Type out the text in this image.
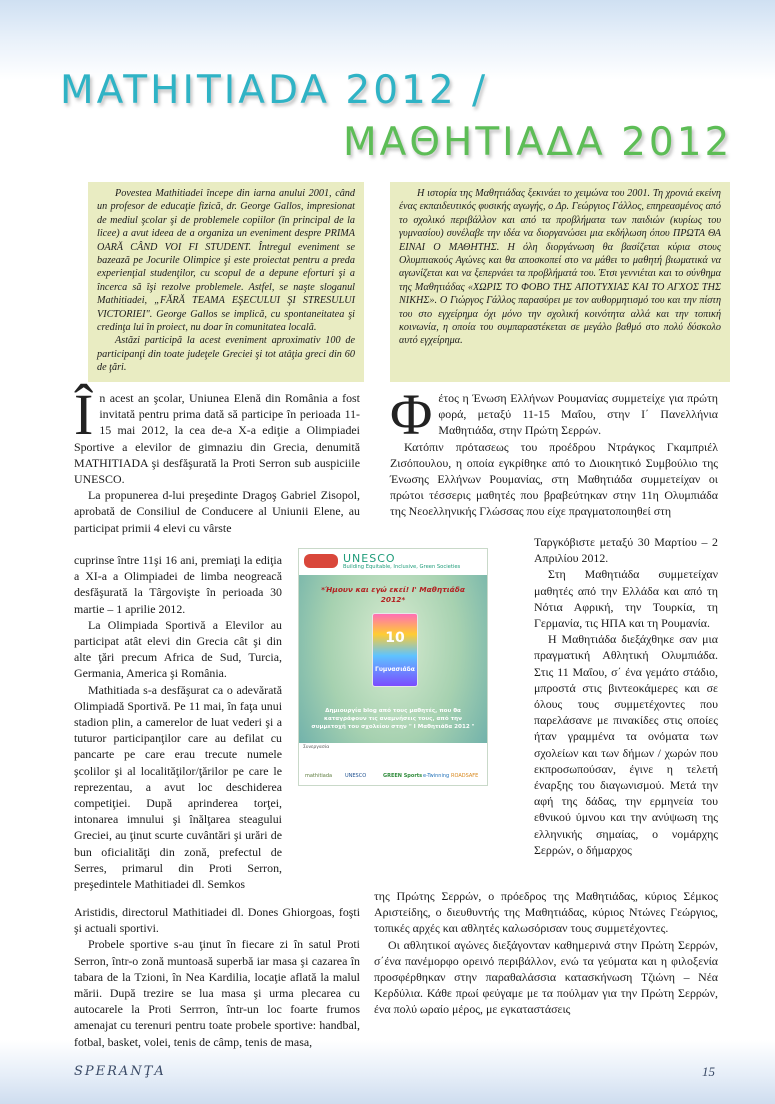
MATHITIADA 2012 /
ΜΑΘΗΤΙΑΔΑ 2012

Povestea Mathitiadei începe din iarna anului 2001, când un profesor de educaţie fizică, dr. George Gallos, impresionat de mediul şcolar şi de problemele copiilor (în principal de la licee) a avut ideea de a organiza un eveniment despre PRIMA OARĂ CÂND VOI FI STUDENT. Întregul eveniment se bazează pe Jocurile Olimpice şi este proiectat pentru a preda experienţial studenţilor, cu scopul de a depune eforturi şi a încerca să îşi rezolve problemele. Astfel, se naşte sloganul Mathitiadei, „FĂRĂ TEAMA EŞECULUI ŞI STRESULUI VICTORIEI". George Gallos se implică, cu spontaneitatea şi credinţa lui în proiect, nu doar în comunitatea locală.

Astăzi participă la acest eveniment aproximativ 100 de participanţi din toate judeţele Greciei şi tot atâţia greci din 60 de ţări.

Η ιστορία της Μαθητιάδας ξεκινάει το χειμώνα του 2001. Τη χρονιά εκείνη ένας εκπαιδευτικός φυσικής αγωγής, ο Δρ. Γεώργιος Γάλλος, επηρεασμένος από το σχολικό περιβάλλον και από τα προβλήματα των παιδιών (κυρίως του γυμνασίου) συνέλαβε την ιδέα να διοργανώσει μια εκδήλωση όπου ΠΡΩΤΑ ΘΑ ΕΙΝΑΙ Ο ΜΑΘΗΤΗΣ. Η όλη διοργάνωση θα βασίζεται κύρια στους Ολυμπιακούς Αγώνες και θα αποσκοπεί στο να μάθει το μαθητή βιωματικά να αγωνίζεται και να ξεπερνάει τα προβλήματά του. Έτσι γεννιέται και το σύνθημα της Μαθητιάδας «ΧΩΡΙΣ ΤΟ ΦΟΒΟ ΤΗΣ ΑΠΟΤΥΧΙΑΣ ΚΑΙ ΤΟ ΑΓΧΟΣ ΤΗΣ ΝΙΚΗΣ». Ο Γιώργος Γάλλος παρασύρει με τον αυθορμητισμό του και την πίστη του στο εγχείρημα όχι μόνο την σχολική κοινότητα αλλά και την τοπική κοινωνία, η οποία του συμπαραστέκεται σε μεγάλο βαθμό στο πολύ δύσκολο αυτό εγχείρημα.

În acest an şcolar, Uniunea Elenă din România a fost invitată pentru prima dată să participe în perioada 11-15 mai 2012, la cea de-a X-a ediţie a Olimpiadei Sportive a elevilor de gimnaziu din Grecia, denumită MATHITIADA şi desfăşurată la Proti Serron sub auspiciile UNESCO.

La propunerea d-lui preşedinte Dragoş Gabriel Zisopol, aprobată de Consiliul de Conducere al Uniunii Elene, au participat primii 4 elevi cu vârste

cuprinse între 11şi 16 ani, premiaţi la ediţia a XI-a a Olimpiadei de limba neogreacă desfăşurată la Târgovişte în perioada 30 martie – 1 aprilie 2012.

La Olimpiada Sportivă a Elevilor au participat atât elevi din Grecia cât şi din alte ţări precum Africa de Sud, Turcia, Germania, America şi România.

Mathitiada s-a desfăşurat ca o adevărată Olimpiadă Sportivă. Pe 11 mai, în faţa unui stadion plin, a camerelor de luat vederi şi a tuturor participanţilor care au defilat cu pancarte pe care erau trecute numele şcolilor şi al localităţilor/ţărilor pe care le reprezentau, a avut loc deschiderea competiţiei. După aprinderea torţei, intonarea imnului şi înălţarea steagului Greciei, au ţinut scurte cuvântări şi urări de bun oficialităţi din zonă, prefectul de Serres, primarul din Proti Serron, preşedintele Mathitiadei dl. Semkos

Aristidis, directorul Mathitiadei dl. Dones Ghiorgoas, foşti şi actuali sportivi.

Probele sportive s-au ţinut în fiecare zi în satul Proti Serron, într-o zonă muntoasă superbă iar masa şi cazarea în tabara de la Tzioni, în Nea Kardilia, locaţie aflată la malul mării. După trezire se lua masa şi urma plecarea cu autocarele la Proti Serrron, într-un loc foarte frumos amenajat cu terenuri pentru toate probele sportive: handbal, fotbal, basket, volei, tenis de câmp, tenis de masa,

Φέτος η Ένωση Ελλήνων Ρουμανίας συμμετείχε για πρώτη φορά, μεταξύ 11-15 Μαΐου, στην Ι΄ Πανελλήνια Μαθητιάδα, στην Πρώτη Σερρών.

Κατόπιν πρότασεως του προέδρου Ντράγκος Γκαμπριέλ Ζισόπουλου, η οποία εγκρίθηκε από το Διοικητικό Συμβούλιο της Ένωσης Ελλήνων Ρουμανίας, στη Μαθητιάδα συμμετείχαν οι πρώτοι τέσσερις μαθητές που βραβεύτηκαν στην 11η Ολυμπιάδα της Νεοελληνικής Γλώσσας που είχε πραγματοποιηθεί στη

Ταργκόβιστε μεταξύ 30 Μαρτίου – 2 Απριλίου 2012.

Στη Μαθητιάδα συμμετείχαν μαθητές από την Ελλάδα και από τη Νότια Αφρική, την Τουρκία, τη Γερμανία, τις ΗΠΑ και τη Ρουμανία.

Η Μαθητιάδα διεξάχθηκε σαν μια πραγματική Αθλητική Ολυμπιάδα. Στις 11 Μαΐου, σ΄ ένα γεμάτο στάδιο, μπροστά στις βιντεοκάμερες και σε όλους τους συμμετέχοντες που παρελάσανε με πινακίδες στις οποίες ήταν γραμμένα τα ονόματα των σχολείων και των δήμων / χωρών που εκπροσωπούσαν, έγινε η τελετή έναρξης του διαγωνισμού. Μετά την αφή της δάδας, την ερμηνεία του εθνικού ύμνου και την ανύψωση της ελληνικής σημαίας, ο νομάρχης Σερρών, ο δήμαρχος

της Πρώτης Σερρών, ο πρόεδρος της Μαθητιάδας, κύριος Σέμκος Αριστείδης, ο διευθυντής της Μαθητιάδας, κύριος Ντώνες Γεώργιος, τοπικές αρχές και αθλητές καλωσόρισαν τους συμμετέχοντες.

Οι αθλητικοί αγώνες διεξάγονταν καθημερινά στην Πρώτη Σερρών, σ΄ένα πανέμορφο ορεινό περιβάλλον, ενώ τα γεύματα και η φιλοξενία προσφέρθηκαν στην παραθαλάσσια κατασκήνωση Τζιώνη – Νέα Κερδύλια. Κάθε πρωί φεύγαμε με τα πούλμαν για την Πρώτη Σερρών, ένα πολύ ωραίο μέρος, με εγκαταστάσεις

UNESCO
Building Equitable, Inclusive, Green Societies
*Ήμουν και εγώ εκεί! Ι' Μαθητιάδα 2012*
10
Γυμνασιάδα
Δημιουργία blog από τους μαθητές, που θα καταγράφουν τις αναμνήσεις τους, από την συμμετοχή του σχολείου στην " Ι Μαθητιάδα 2012 "
Συνεργασία
mathitiada	UNESCO	GREEN Sports e-Twinning ROADSAFE
SPERANŢA	15
